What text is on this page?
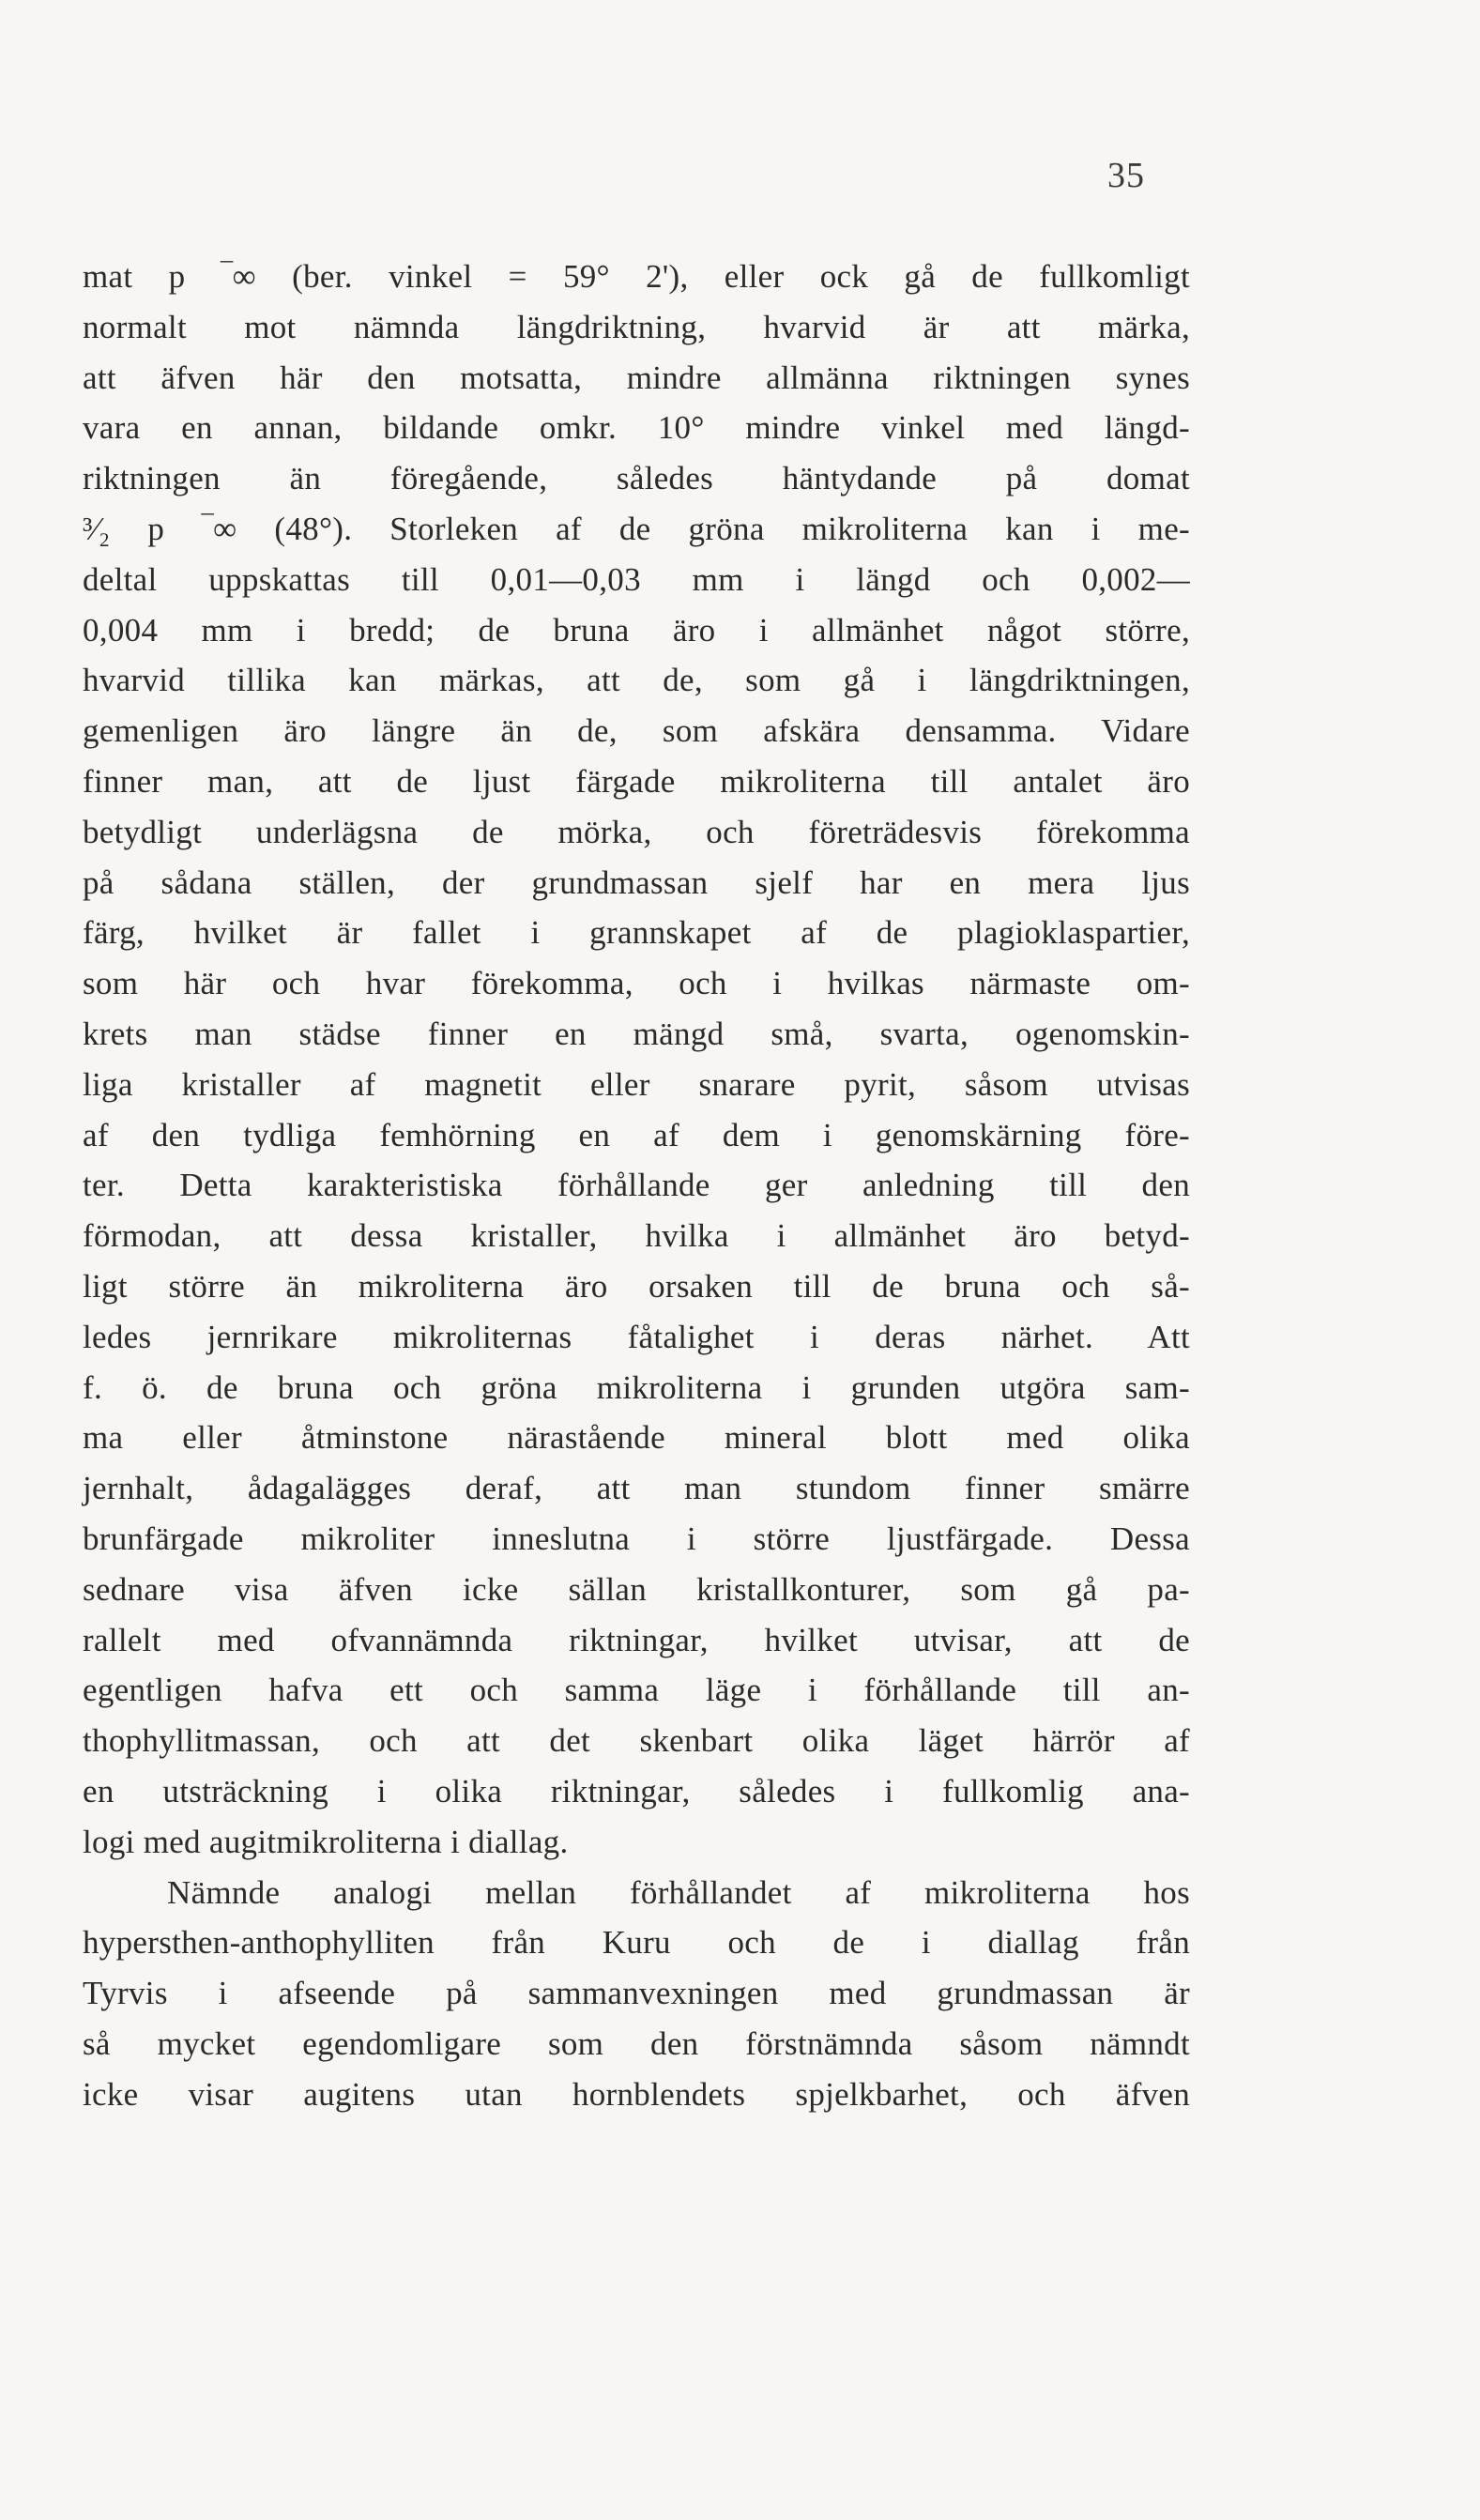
35
mat p ‾∞ (ber. vinkel = 59° 2'), eller ock gå de fullkomligt
normalt mot nämnda längdriktning, hvarvid är att märka,
att äfven här den motsatta, mindre allmänna riktningen synes
vara en annan, bildande omkr. 10° mindre vinkel med längd-
riktningen än föregående, således häntydande på domat
³⁄₂ p ‾∞ (48°). Storleken af de gröna mikroliterna kan i me-
deltal uppskattas till 0,01—0,03 mm i längd och 0,002—
0,004 mm i bredd; de bruna äro i allmänhet något större,
hvarvid tillika kan märkas, att de, som gå i längdriktningen,
gemenligen äro längre än de, som afskära densamma. Vidare
finner man, att de ljust färgade mikroliterna till antalet äro
betydligt underlägsna de mörka, och företrädesvis förekomma
på sådana ställen, der grundmassan sjelf har en mera ljus
färg, hvilket är fallet i grannskapet af de plagioklaspartier,
som här och hvar förekomma, och i hvilkas närmaste om-
krets man städse finner en mängd små, svarta, ogenomskin-
liga kristaller af magnetit eller snarare pyrit, såsom utvisas
af den tydliga femhörning en af dem i genomskärning före-
ter. Detta karakteristiska förhållande ger anledning till den
förmodan, att dessa kristaller, hvilka i allmänhet äro betyd-
ligt större än mikroliterna äro orsaken till de bruna och så-
ledes jernrikare mikroliternas fåtalighet i deras närhet. Att
f. ö. de bruna och gröna mikroliterna i grunden utgöra sam-
ma eller åtminstone närastående mineral blott med olika
jernhalt, ådagalägges deraf, att man stundom finner smärre
brunfärgade mikroliter inneslutna i större ljustfärgade. Dessa
sednare visa äfven icke sällan kristallkonturer, som gå pa-
rallelt med ofvannämnda riktningar, hvilket utvisar, att de
egentligen hafva ett och samma läge i förhållande till an-
thophyllitmassan, och att det skenbart olika läget härrör af
en utsträckning i olika riktningar, således i fullkomlig ana-
logi med augitmikroliterna i diallag.
Nämnde analogi mellan förhållandet af mikroliterna hos
hypersthen-anthophylliten från Kuru och de i diallag från
Tyrvis i afseende på sammanvexningen med grundmassan är
så mycket egendomligare som den förstnämnda såsom nämndt
icke visar augitens utan hornblendets spjelkbarhet, och äfven
